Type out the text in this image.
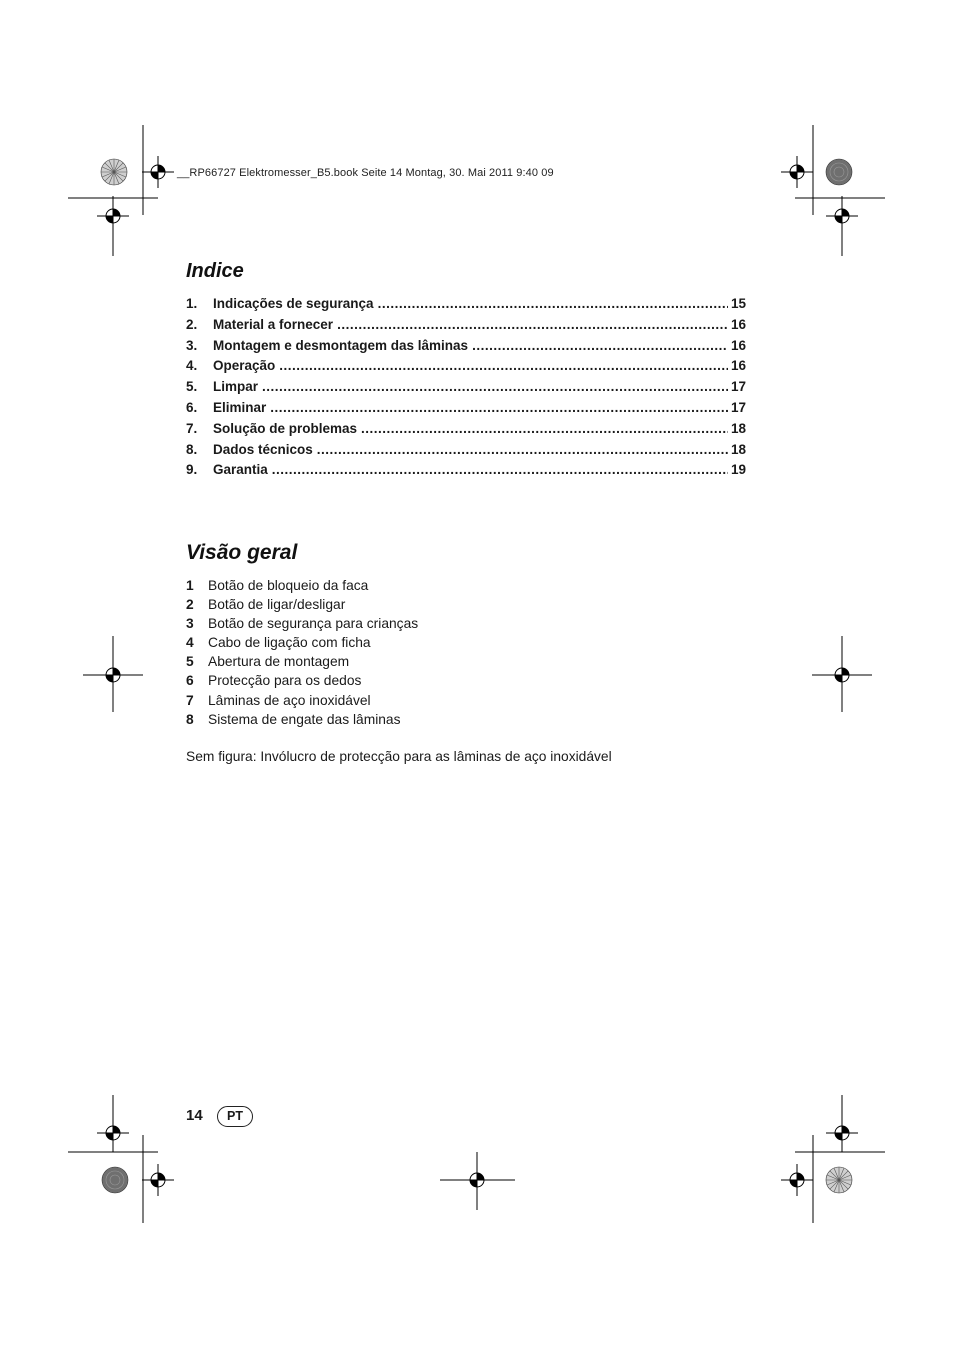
__RP66727 Elektromesser_B5.book Seite 14 Montag, 30. Mai 2011 9:40 09
Indice
1.	Indicações de segurança .....	15
2.	Material a fornecer .....	16
3.	Montagem e desmontagem das lâminas .....	16
4.	Operação .....	16
5.	Limpar .....	17
6.	Eliminar .....	17
7.	Solução de problemas .....	18
8.	Dados técnicos .....	18
9.	Garantia .....	19
Visão geral
1	Botão de bloqueio da faca
2	Botão de ligar/desligar
3	Botão de segurança para crianças
4	Cabo de ligação com ficha
5	Abertura de montagem
6	Protecção para os dedos
7	Lâminas de aço inoxidável
8	Sistema de engate das lâminas
Sem figura: Invólucro de protecção para as lâminas de aço inoxidável
14	PT
